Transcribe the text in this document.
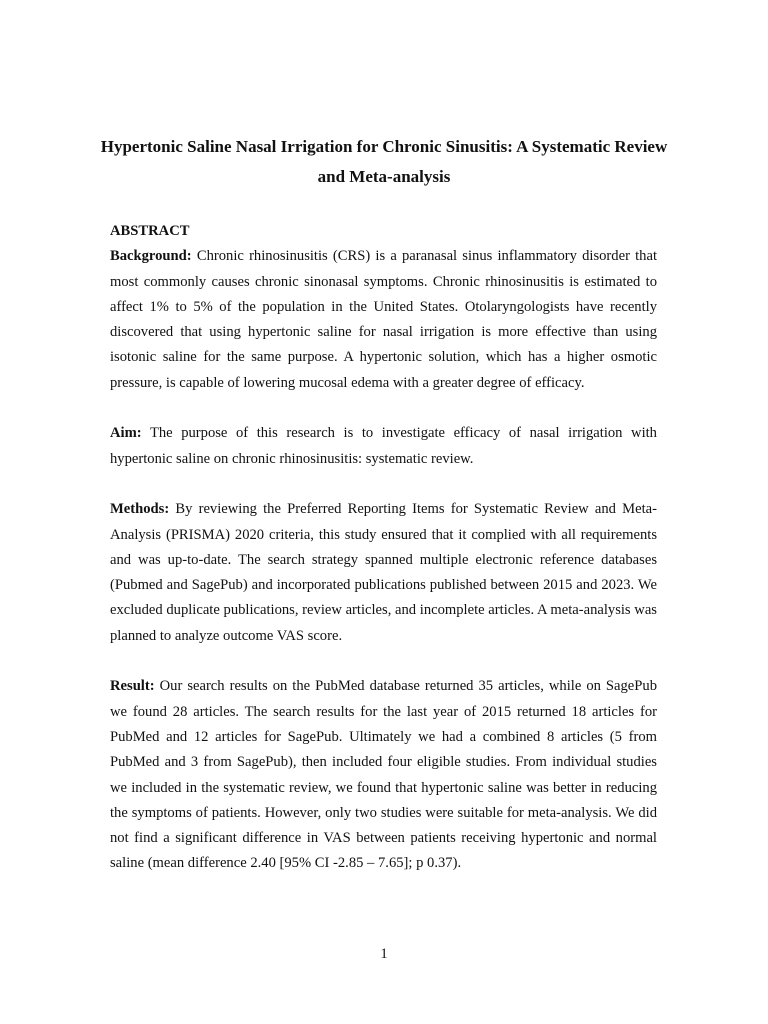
Hypertonic Saline Nasal Irrigation for Chronic Sinusitis: A Systematic Review and Meta-analysis

ABSTRACT

Background: Chronic rhinosinusitis (CRS) is a paranasal sinus inflammatory disorder that most commonly causes chronic sinonasal symptoms. Chronic rhinosinusitis is estimated to affect 1% to 5% of the population in the United States. Otolaryngologists have recently discovered that using hypertonic saline for nasal irrigation is more effective than using isotonic saline for the same purpose. A hypertonic solution, which has a higher osmotic pressure, is capable of lowering mucosal edema with a greater degree of efficacy.

Aim: The purpose of this research is to investigate efficacy of nasal irrigation with hypertonic saline on chronic rhinosinusitis: systematic review.

Methods: By reviewing the Preferred Reporting Items for Systematic Review and Meta-Analysis (PRISMA) 2020 criteria, this study ensured that it complied with all requirements and was up-to-date. The search strategy spanned multiple electronic reference databases (Pubmed and SagePub) and incorporated publications published between 2015 and 2023. We excluded duplicate publications, review articles, and incomplete articles. A meta-analysis was planned to analyze outcome VAS score.

Result: Our search results on the PubMed database returned 35 articles, while on SagePub we found 28 articles. The search results for the last year of 2015 returned 18 articles for PubMed and 12 articles for SagePub. Ultimately we had a combined 8 articles (5 from PubMed and 3 from SagePub), then included four eligible studies. From individual studies we included in the systematic review, we found that hypertonic saline was better in reducing the symptoms of patients. However, only two studies were suitable for meta-analysis. We did not find a significant difference in VAS between patients receiving hypertonic and normal saline (mean difference 2.40 [95% CI -2.85 – 7.65]; p 0.37).

1
